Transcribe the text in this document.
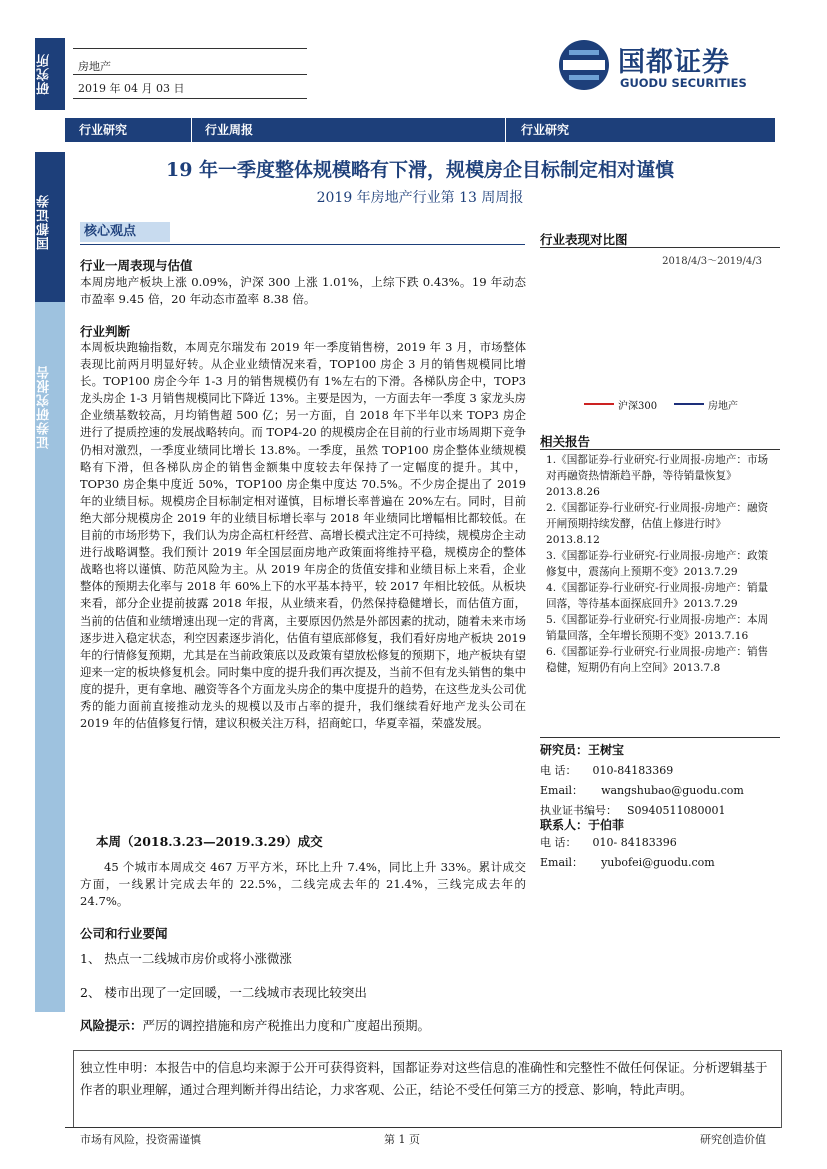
研究所
国都证券
证券研究报告
房地产
2019 年 04 月 03 日
国都证券
GUODU SECURITIES
行业研究	行业周报	行业研究
19 年一季度整体规模略有下滑，规模房企目标制定相对谨慎
2019 年房地产行业第 13 周周报
核心观点
行业一周表现与估值
本周房地产板块上涨 0.09%，沪深 300 上涨 1.01%，上综下跌 0.43%。19 年动态市盈率 9.45 倍，20 年动态市盈率 8.38 倍。
行业判断
本周板块跑输指数，本周克尔瑞发布 2019 年一季度销售榜，2019 年 3 月，市场整体表现比前两月明显好转。从企业业绩情况来看，TOP100 房企 3 月的销售规模同比增长。TOP100 房企今年 1-3 月的销售规模仍有 1%左右的下滑。各梯队房企中，TOP3 龙头房企 1-3 月销售规模同比下降近 13%。主要是因为，一方面去年一季度 3 家龙头房企业绩基数较高，月均销售超 500 亿；另一方面，自 2018 年下半年以来 TOP3 房企进行了提质控速的发展战略转向。而 TOP4-20 的规模房企在目前的行业市场周期下竞争仍相对激烈，一季度业绩同比增长 13.8%。一季度，虽然 TOP100 房企整体业绩规模略有下滑，但各梯队房企的销售金额集中度较去年保持了一定幅度的提升。其中，TOP30 房企集中度近 50%，TOP100 房企集中度达 70.5%。不少房企提出了 2019 年的业绩目标。规模房企目标制定相对谨慎，目标增长率普遍在 20%左右。同时，目前绝大部分规模房企 2019 年的业绩目标增长率与 2018 年业绩同比增幅相比都较低。在目前的市场形势下，我们认为房企高杠杆经营、高增长模式注定不可持续，规模房企主动进行战略调整。我们预计 2019 年全国层面房地产政策面将维持平稳，规模房企的整体战略也将以谨慎、防范风险为主。从 2019 年房企的货值安排和业绩目标上来看，企业整体的预期去化率与 2018 年 60%上下的水平基本持平，较 2017 年相比较低。从板块来看，部分企业提前披露 2018 年报，从业绩来看，仍然保持稳健增长，而估值方面，当前的估值和业绩增速出现一定的背离，主要原因仍然是外部因素的扰动，随着未来市场逐步进入稳定状态，利空因素逐步消化，估值有望底部修复，我们看好房地产板块 2019 年的行情修复预期，尤其是在当前政策底以及政策有望放松修复的预期下，地产板块有望迎来一定的板块修复机会。同时集中度的提升我们再次提及，当前不但有龙头销售的集中度的提升，更有拿地、融资等各个方面龙头房企的集中度提升的趋势，在这些龙头公司优秀的能力面前直接推动龙头的规模以及市占率的提升，我们继续看好地产龙头公司在 2019 年的估值修复行情，建议积极关注万科，招商蛇口，华夏幸福，荣盛发展。
本周（2018.3.23—2019.3.29）成交
45 个城市本周成交 467 万平方米，环比上升 7.4%，同比上升 33%。累计成交方面，一线累计完成去年的 22.5%，二线完成去年的 21.4%，三线完成去年的 24.7%。
公司和行业要闻
1、 热点一二线城市房价或将小涨微涨
2、 楼市出现了一定回暖，一二线城市表现比较突出
风险提示：严厉的调控措施和房产税推出力度和广度超出预期。
行业表现对比图
2018/4/3～2019/4/3
沪深300	房地产
相关报告
1.《国都证券-行业研究-行业周报-房地产：市场对再融资热情渐趋平静，等待销量恢复》2013.8.26
2.《国都证券-行业研究-行业周报-房地产：融资开闸预期持续发酵，估值上修进行时》2013.8.12
3.《国都证券-行业研究-行业周报-房地产：政策修复中，震荡向上预期不变》2013.7.29
4.《国都证券-行业研究-行业周报-房地产：销量回落，等待基本面探底回升》2013.7.29
5.《国都证券-行业研究-行业周报-房地产：本周销量回落，全年增长预期不变》2013.7.16
6.《国都证券-行业研究-行业周报-房地产：销售稳健，短期仍有向上空间》2013.7.8
研究员：王树宝
电 话： 010-84183369
Email： wangshubao@guodu.com
执业证书编号： S0940511080001
联系人：于伯菲
电 话： 010- 84183396
Email： yubofei@guodu.com
独立性申明：本报告中的信息均来源于公开可获得资料，国都证券对这些信息的准确性和完整性不做任何保证。分析逻辑基于作者的职业理解，通过合理判断并得出结论，力求客观、公正，结论不受任何第三方的授意、影响，特此声明。
市场有风险，投资需谨慎	第 1 页	研究创造价值
